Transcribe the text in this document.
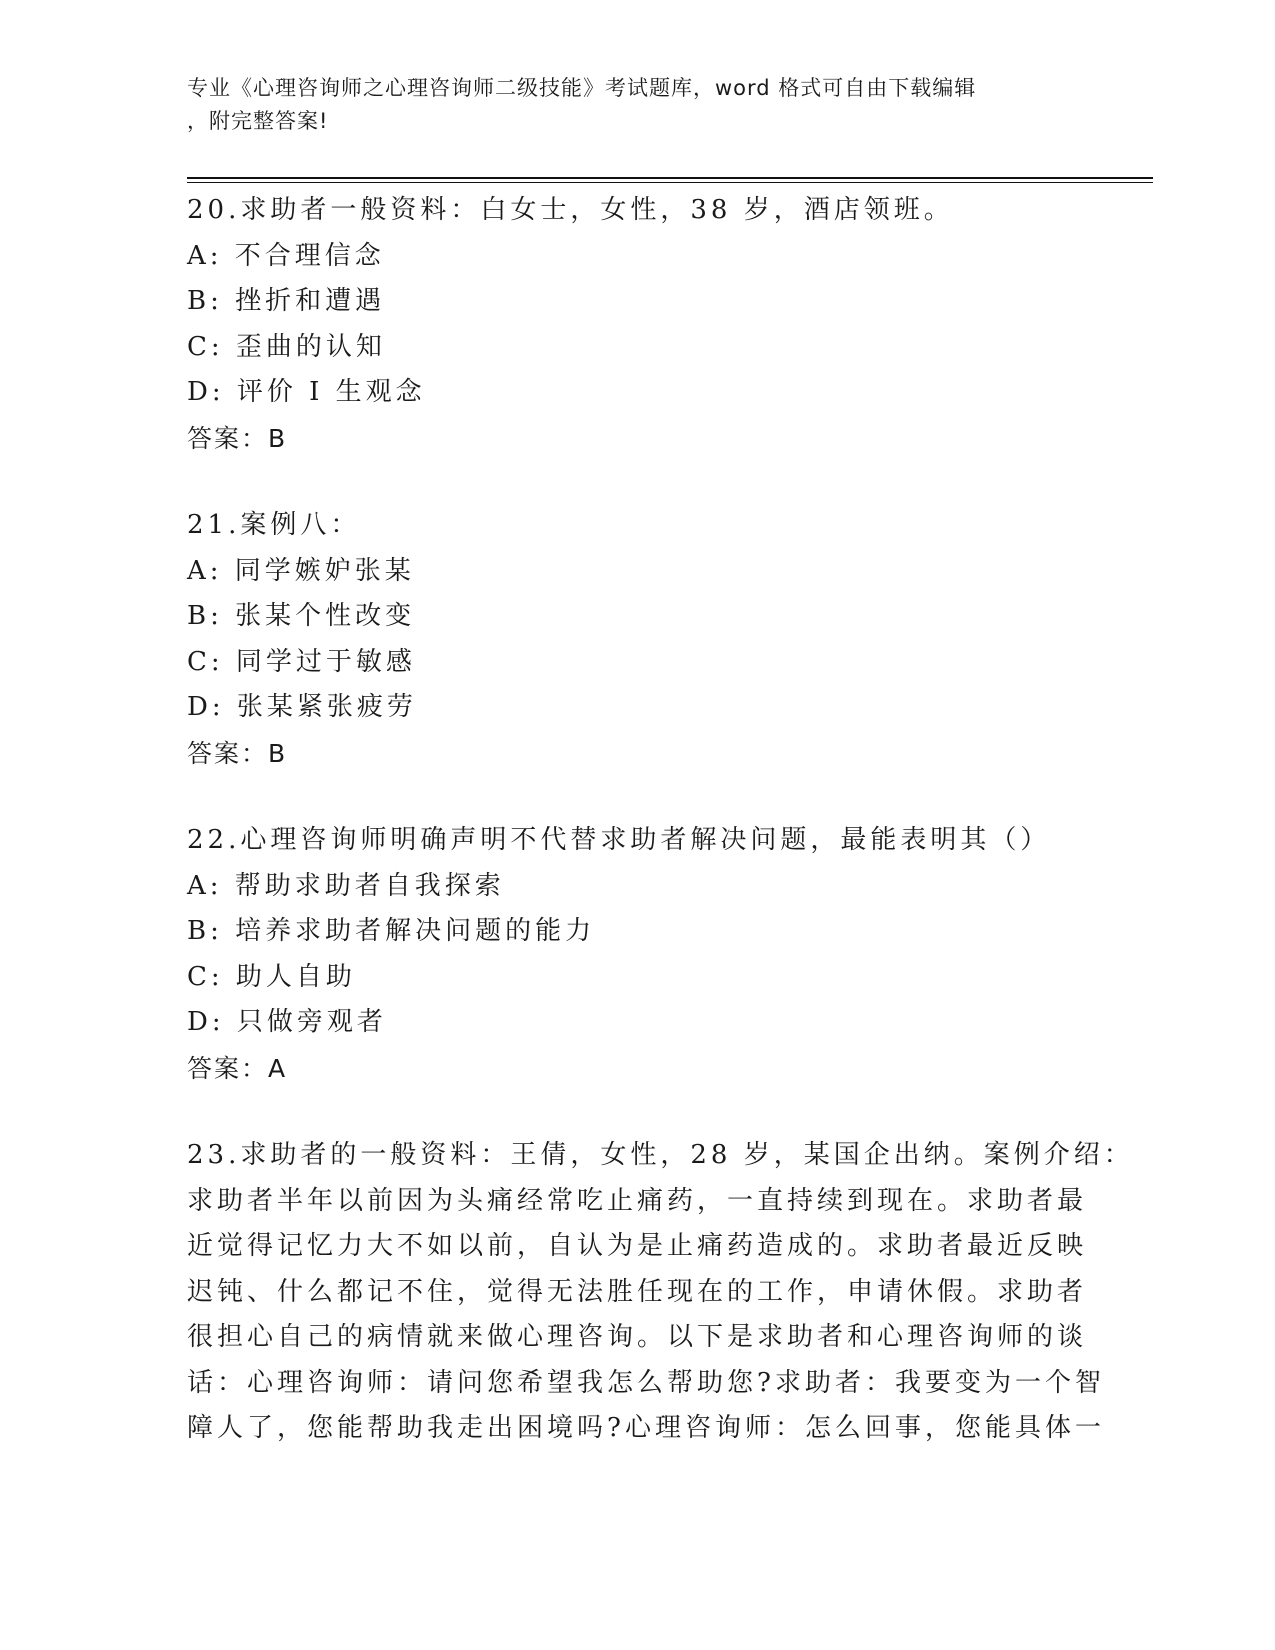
专业《心理咨询师之心理咨询师二级技能》考试题库，word 格式可自由下载编辑
，附完整答案!
20.求助者一般资料：白女士，女性，38 岁，酒店领班。
A: 不合理信念
B: 挫折和遭遇
C: 歪曲的认知
D: 评价 I 生观念
答案：B
21.案例八：
A: 同学嫉妒张某
B: 张某个性改变
C: 同学过于敏感
D: 张某紧张疲劳
答案：B
22.心理咨询师明确声明不代替求助者解决问题，最能表明其（）
A: 帮助求助者自我探索
B: 培养求助者解决问题的能力
C: 助人自助
D: 只做旁观者
答案：A
23.求助者的一般资料：王倩，女性，28 岁，某国企出纳。案例介绍：
求助者半年以前因为头痛经常吃止痛药，一直持续到现在。求助者最
近觉得记忆力大不如以前，自认为是止痛药造成的。求助者最近反映
迟钝、什么都记不住，觉得无法胜任现在的工作，申请休假。求助者
很担心自己的病情就来做心理咨询。以下是求助者和心理咨询师的谈
话：心理咨询师：请问您希望我怎么帮助您?求助者：我要变为一个智
障人了，您能帮助我走出困境吗?心理咨询师：怎么回事，您能具体一
